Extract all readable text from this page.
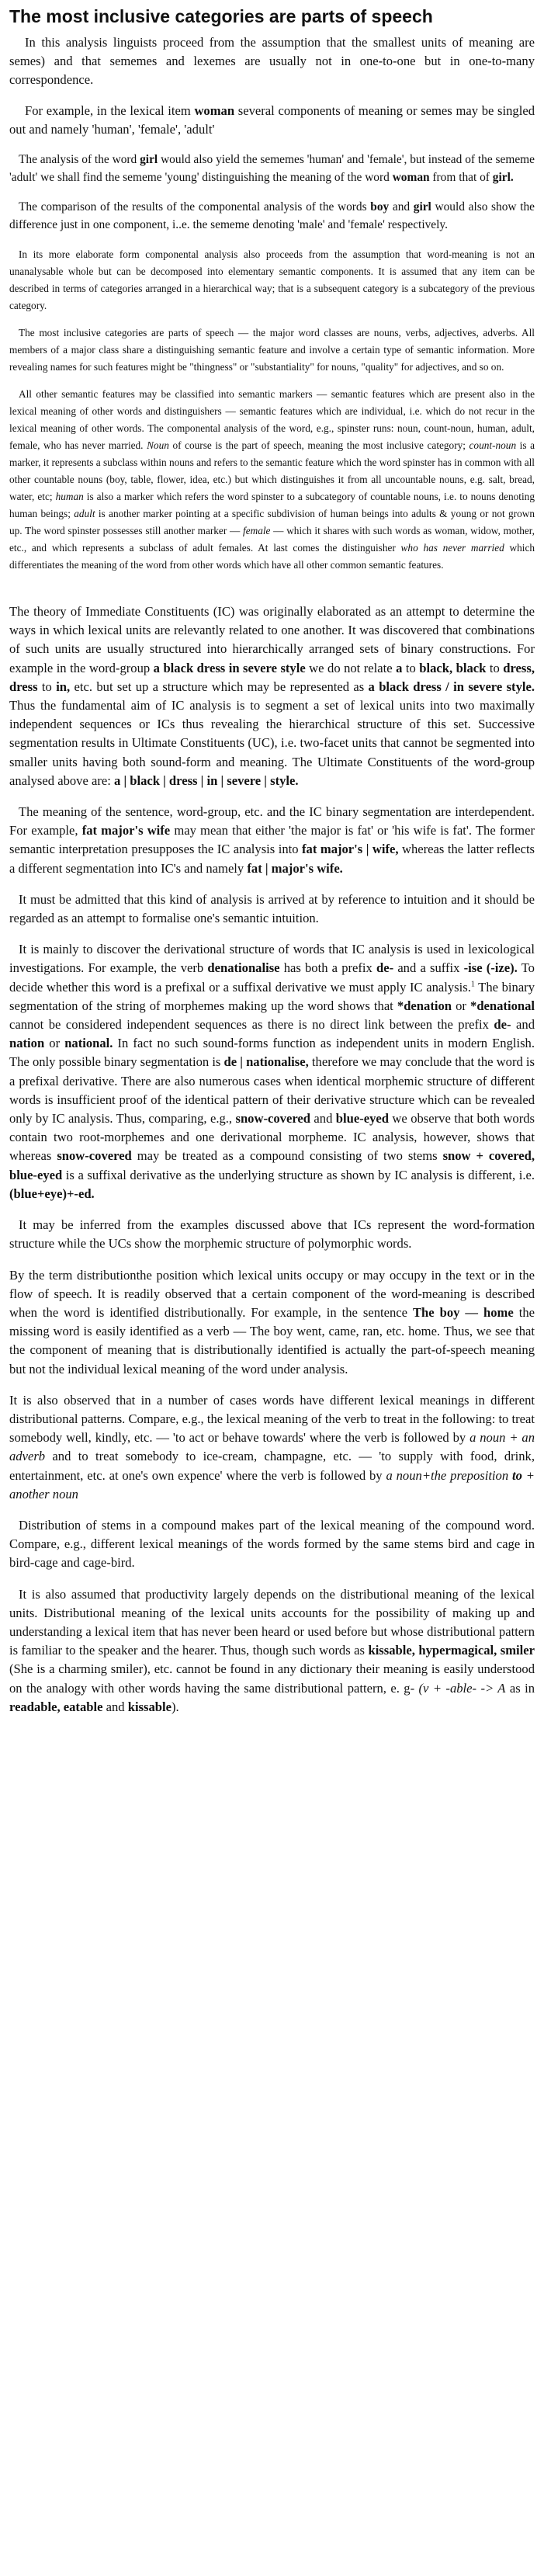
The most inclusive categories are parts of speech

In this analysis linguists proceed from the assumption that the smallest units of meaning are semes) and that sememes and lexemes are usually not in one-to-one but in one-to-many correspondence.

For example, in the lexical item woman several components of meaning or semes may be singled out and namely 'human', 'female', 'adult'

The analysis of the word girl would also yield the sememes 'human' and 'female', but instead of the sememe 'adult' we shall find the sememe 'young' distinguishing the meaning of the word woman from that of girl.

The comparison of the results of the componental analysis of the words boy and girl would also show the difference just in one component, i..e. the sememe denoting 'male' and 'female' respectively.

In its more elaborate form componental analysis also proceeds from the assumption that word-meaning is not an unanalysable whole but can be decomposed into elementary semantic components. It is assumed that any item can be described in terms of categories arranged in a hierarchical way; that is a subsequent category is a subcategory of the previous category.

The most inclusive categories are parts of speech — the major word classes are nouns, verbs, adjectives, adverbs. All members of a major class share a distinguishing semantic feature and involve a certain type of semantic information. More revealing names for such features might be "thingness" or "substantiality" for nouns, "quality" for adjectives, and so on.

All other semantic features may be classified into semantic markers — semantic features which are present also in the lexical meaning of other words and distinguishers — semantic features which are individual, i.e. which do not recur in the lexical meaning of other words. The componental analysis of the word, e.g., spinster runs: noun, count-noun, human, adult, female, who has never married. Noun of course is the part of speech, meaning the most inclusive category; count-noun is a marker, it represents a subclass within nouns and refers to the semantic feature which the word spinster has in common with all other countable nouns (boy, table, flower, idea, etc.) but which distinguishes it from all uncountable nouns, e.g. salt, bread, water, etc; human is also a marker which refers the word spinster to a subcategory of countable nouns, i.e. to nouns denoting human beings; adult is another marker pointing at a specific subdivision of human beings into adults & young or not grown up. The word spinster possesses still another marker — female — which it shares with such words as woman, widow, mother, etc., and which represents a subclass of adult females. At last comes the distinguisher who has never married which differentiates the meaning of the word from other words which have all other common semantic features.

The theory of Immediate Constituents (IC) was originally elaborated as an attempt to determine the ways in which lexical units are relevantly related to one another. It was discovered that combinations of such units are usually structured into hierarchically arranged sets of binary constructions. For example in the word-group a black dress in severe style we do not relate a to black, black to dress, dress to in, etc. but set up a structure which may be represented as a black dress / in severe style. Thus the fundamental aim of IC analysis is to segment a set of lexical units into two maximally independent sequences or ICs thus revealing the hierarchical structure of this set. Successive segmentation results in Ultimate Constituents (UC), i.e. two-facet units that cannot be segmented into smaller units having both sound-form and meaning. The Ultimate Constituents of the word-group analysed above are: a | black | dress | in | severe | style.

The meaning of the sentence, word-group, etc. and the IC binary segmentation are interdependent. For example, fat major's wife may mean that either 'the major is fat' or 'his wife is fat'. The former semantic interpretation presupposes the IC analysis into fat major's | wife, whereas the latter reflects a different segmentation into IC's and namely fat | major's wife.

It must be admitted that this kind of analysis is arrived at by reference to intuition and it should be regarded as an attempt to formalise one's semantic intuition.

It is mainly to discover the derivational structure of words that IC analysis is used in lexicological investigations. For example, the verb denationalise has both a prefix de- and a suffix -ise (-ize). To decide whether this word is a prefixal or a suffixal derivative we must apply IC analysis.$^1$ The binary segmentation of the string of morphemes making up the word shows that *denation or *denational cannot be considered independent sequences as there is no direct link between the prefix de- and nation or national. In fact no such sound-forms function as independent units in modern English. The only possible binary segmentation is de | nationalise, therefore we may conclude that the word is a prefixal derivative. There are also numerous cases when identical morphemic structure of different words is insufficient proof of the identical pattern of their derivative structure which can be revealed only by IC analysis. Thus, comparing, e.g., snow-covered and blue-eyed we observe that both words contain two root-morphemes and one derivational morpheme. IC analysis, however, shows that whereas snow-covered may be treated as a compound consisting of two stems snow + covered, blue-eyed is a suffixal derivative as the underlying structure as shown by IC analysis is different, i.e. (blue+eye)+-ed.

It may be inferred from the examples discussed above that ICs represent the word-formation structure while the UCs show the morphemic structure of polymorphic words.

By the term distributionthe position which lexical units occupy or may occupy in the text or in the flow of speech. It is readily observed that a certain component of the word-meaning is described when the word is identified distributionally. For example, in the sentence The boy — home the missing word is easily identified as a verb — The boy went, came, ran, etc. home. Thus, we see that the component of meaning that is distributionally identified is actually the part-of-speech meaning but not the individual lexical meaning of the word under analysis.

It is also observed that in a number of cases words have different lexical meanings in different distributional patterns. Compare, e.g., the lexical meaning of the verb to treat in the following: to treat somebody well, kindly, etc. — 'to act or behave towards' where the verb is followed by a noun + an adverb and to treat somebody to ice-cream, champagne, etc. — 'to supply with food, drink, entertainment, etc. at one's own expence' where the verb is followed by a noun+the preposition to + another noun

Distribution of stems in a compound makes part of the lexical meaning of the compound word. Compare, e.g., different lexical meanings of the words formed by the same stems bird and cage in bird-cage and cage-bird.

It is also assumed that productivity largely depends on the distributional meaning of the lexical units. Distributional meaning of the lexical units accounts for the possibility of making up and understanding a lexical item that has never been heard or used before but whose distributional pattern is familiar to the speaker and the hearer. Thus, though such words as kissable, hypermagical, smiler (She is a charming smiler), etc. cannot be found in any dictionary their meaning is easily understood on the analogy with other words having the same distributional pattern, e. g- (v + -able- -> A as in readable, eatable and kissable).
